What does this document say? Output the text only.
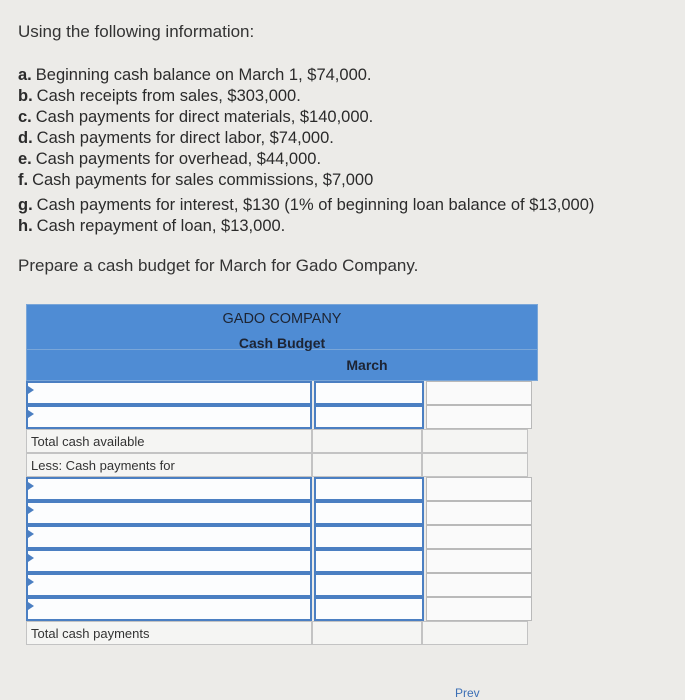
Using the following information:
a. Beginning cash balance on March 1, $74,000.
b. Cash receipts from sales, $303,000.
c. Cash payments for direct materials, $140,000.
d. Cash payments for direct labor, $74,000.
e. Cash payments for overhead, $44,000.
f. Cash payments for sales commissions, $7,000
g. Cash payments for interest, $130 (1% of beginning loan balance of $13,000)
h. Cash repayment of loan, $13,000.
Prepare a cash budget for March for Gado Company.
GADO COMPANY
Cash Budget
March
Total cash available
Less: Cash payments for
Total cash payments
Prev
